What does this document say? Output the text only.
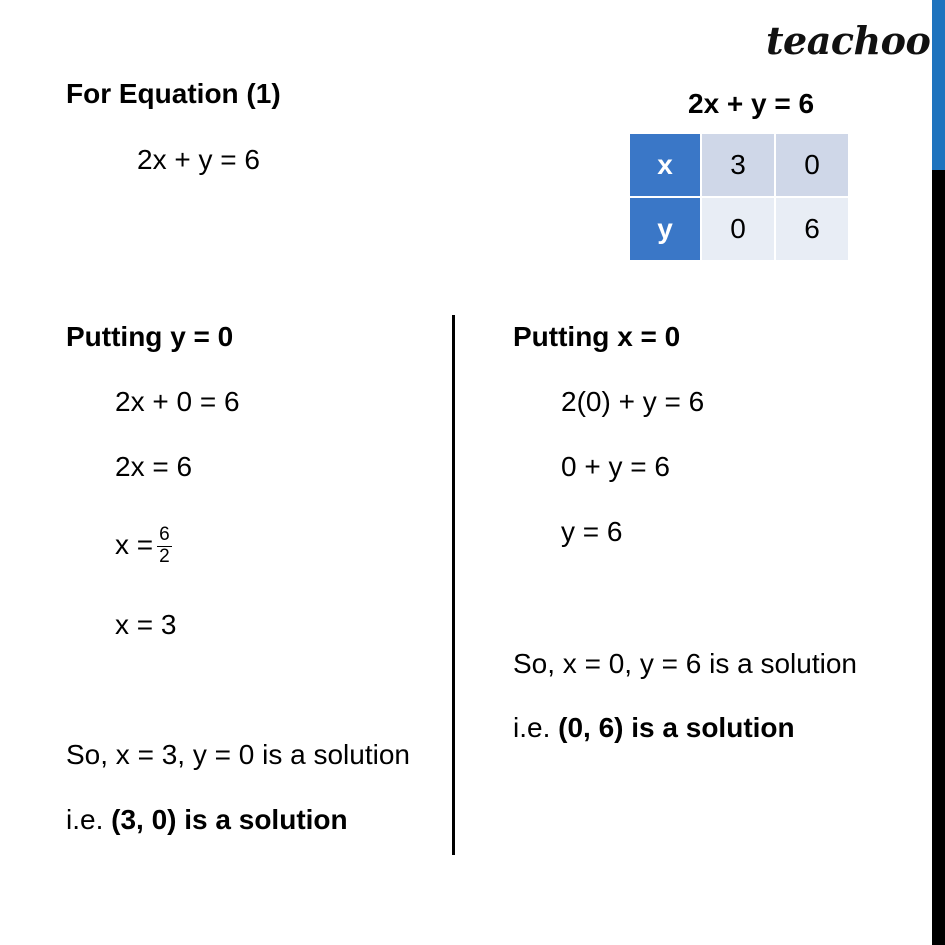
teachoo
For Equation (1)
2x + y = 6
2x + y = 6
x	3	0
y	0	6
Putting y = 0
2x + 0 = 6
2x = 6
$x = \frac{6}{2}$
x = 3
So, x = 3, y = 0 is a solution
i.e. (3, 0) is a solution
Putting x = 0
2(0) + y = 6
0 + y = 6
y = 6
So, x = 0, y = 6 is a solution
i.e. (0, 6) is a solution
